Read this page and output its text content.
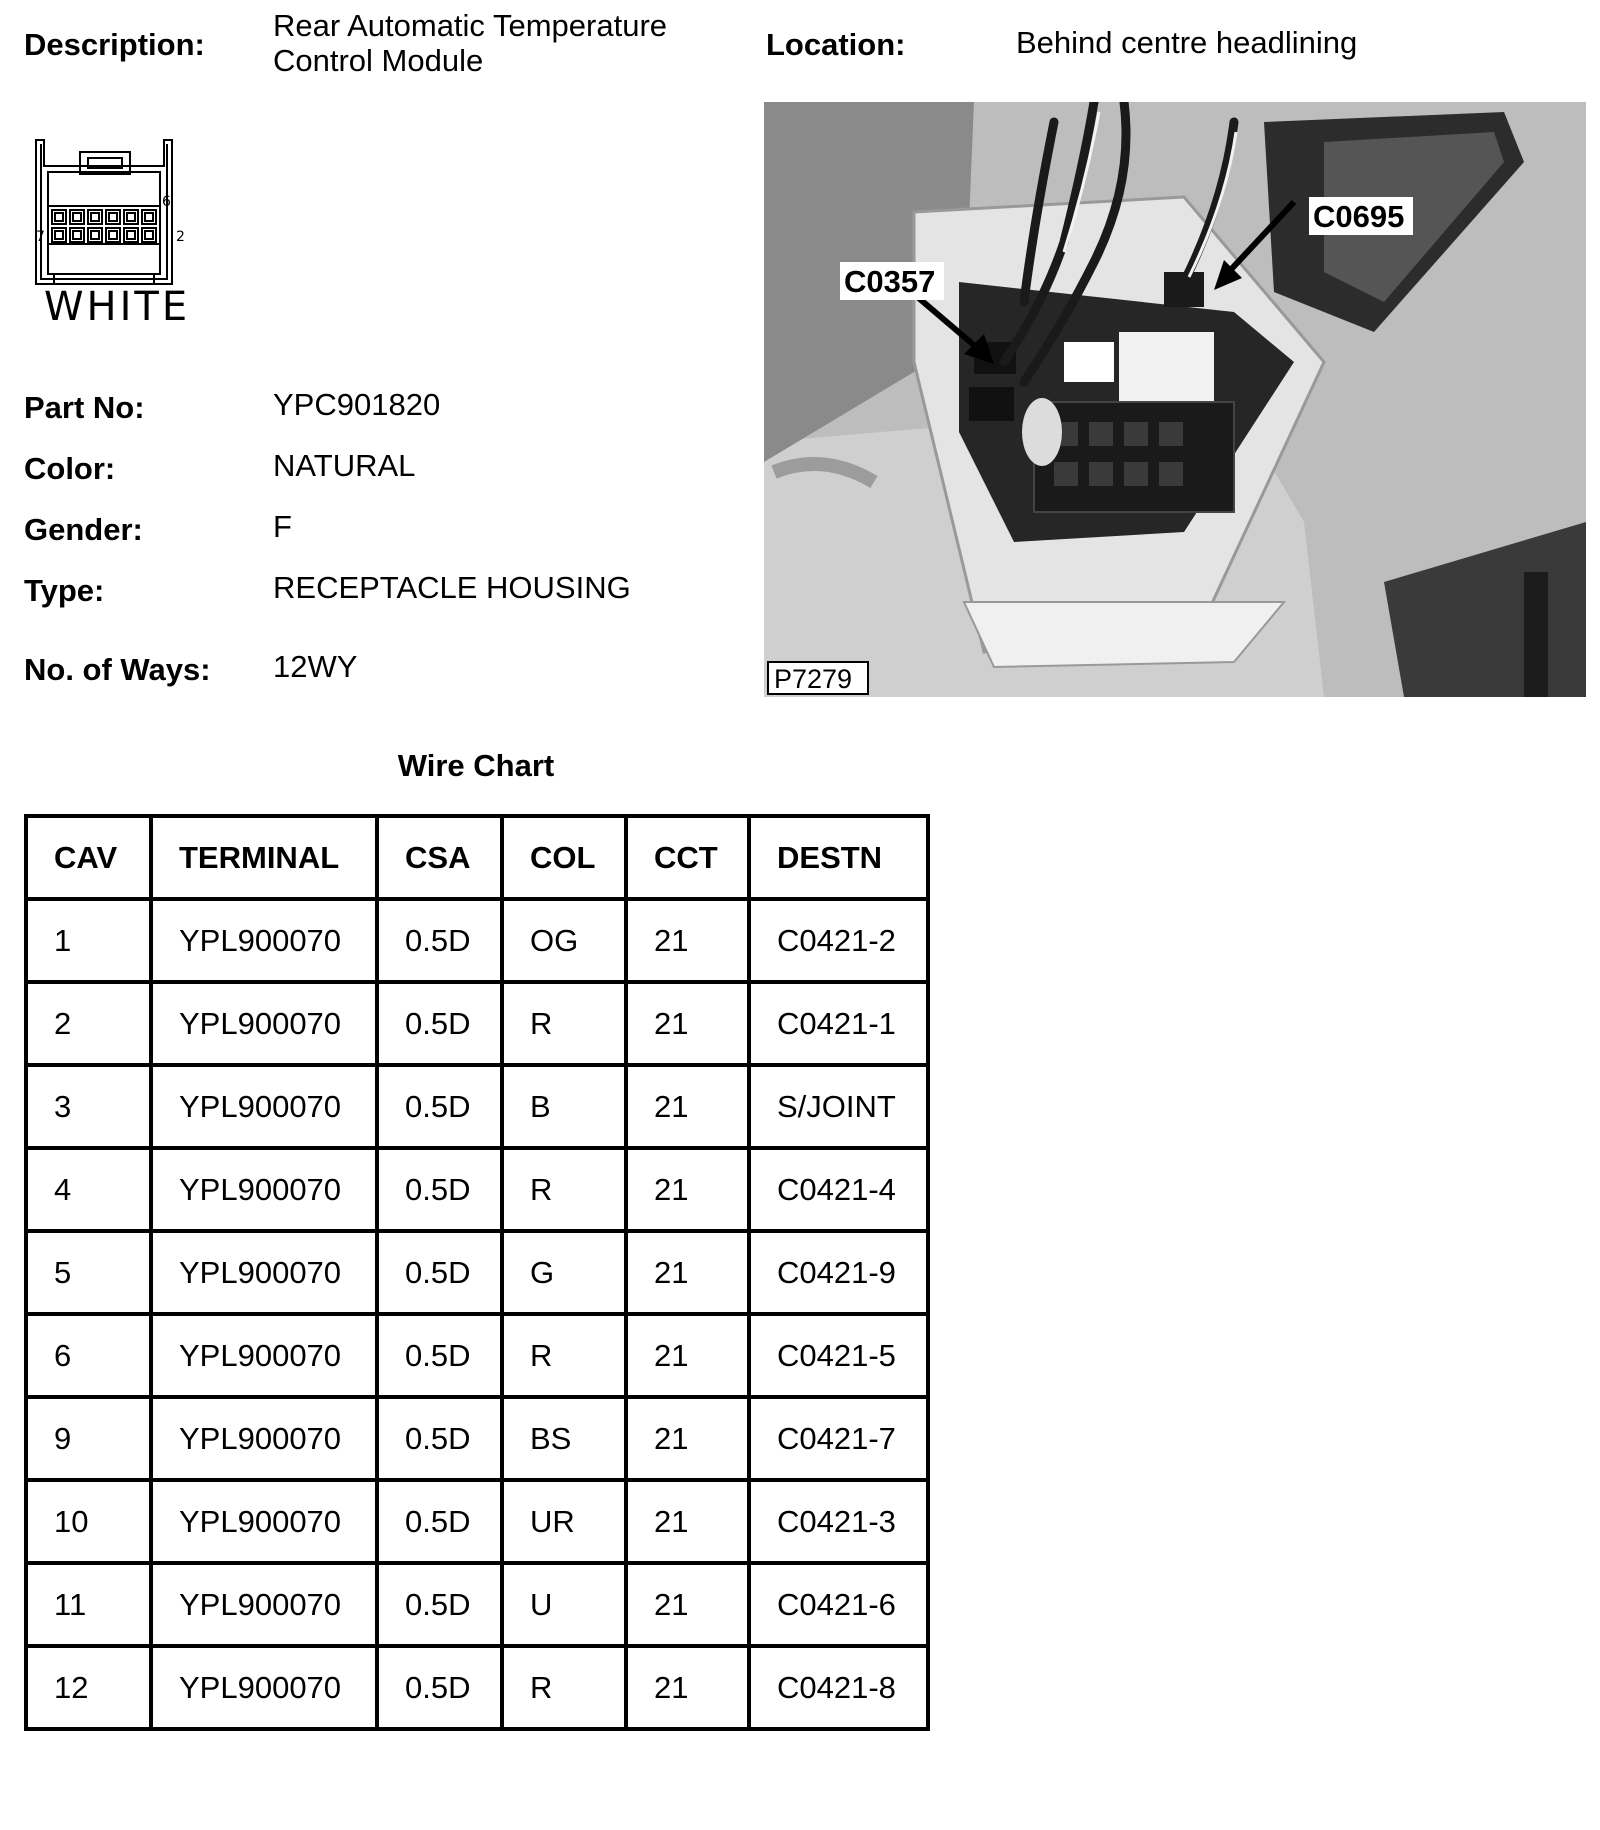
Description:
Rear Automatic Temperature
Control Module	Location:	Behind centre headlining
6
7	2
WHITE
Part No:	YPC901820
Color:	NATURAL
Gender:	F
Type:	RECEPTACLE HOUSING
No. of Ways: 12WY
C0357
C0695
P7279
Wire Chart
CAV	TERMINAL	CSA	COL	CCT	DESTN
1	YPL900070	0.5D	OG	21	C0421-2
2	YPL900070	0.5D	R	21	C0421-1
3	YPL900070	0.5D	B	21	S/JOINT
4	YPL900070	0.5D	R	21	C0421-4
5	YPL900070	0.5D	G	21	C0421-9
6	YPL900070	0.5D	R	21	C0421-5
9	YPL900070	0.5D	BS	21	C0421-7
10	YPL900070	0.5D	UR	21	C0421-3
11	YPL900070	0.5D	U	21	C0421-6
12	YPL900070	0.5D	R	21	C0421-8
